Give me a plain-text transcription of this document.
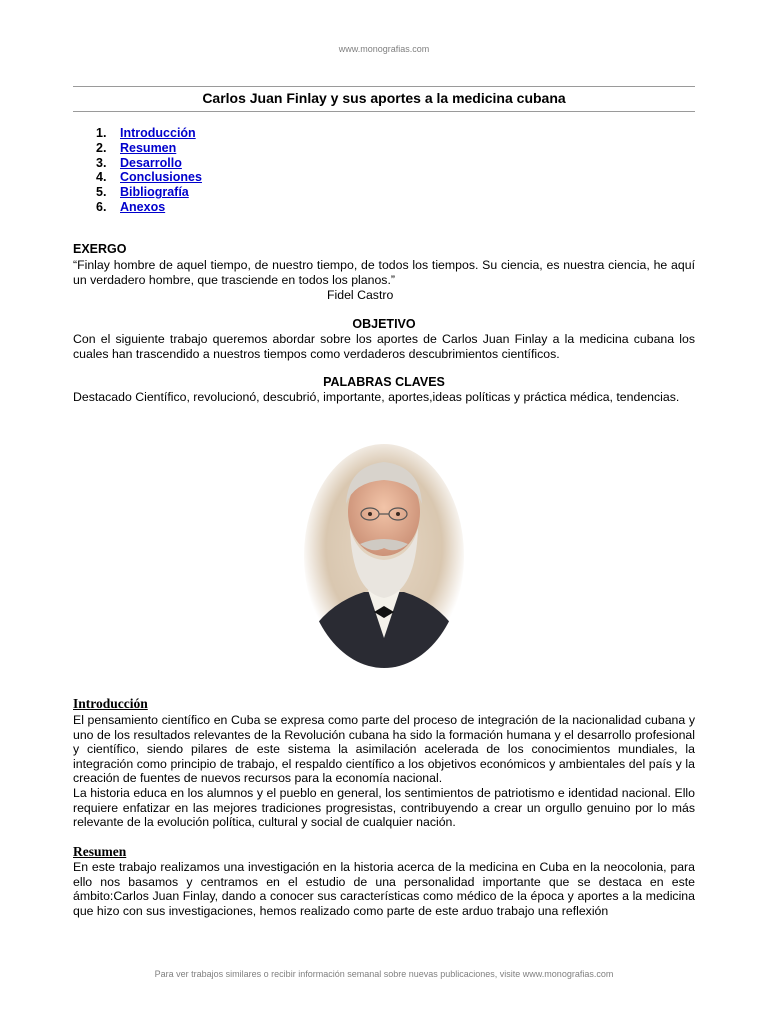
www.monografias.com
Carlos Juan Finlay y sus aportes a la medicina cubana
1.	Introducción
2.	Resumen
3.	Desarrollo
4.	Conclusiones
5.	Bibliografía
6.	Anexos
EXERGO
“Finlay hombre de aquel tiempo, de nuestro tiempo, de todos los tiempos. Su ciencia, es nuestra ciencia, he aquí un verdadero hombre, que trasciende en todos los planos.”
Fidel Castro
OBJETIVO
Con el siguiente trabajo queremos abordar sobre los aportes de Carlos Juan Finlay a la medicina cubana los cuales han trascendido a nuestros tiempos como verdaderos descubrimientos científicos.
PALABRAS CLAVES
Destacado Científico, revolucionó, descubrió, importante, aportes,ideas políticas y práctica médica, tendencias.
Introducción
El pensamiento científico en Cuba se expresa como parte del proceso de integración de la nacionalidad cubana y uno de los resultados relevantes de la Revolución cubana ha sido la formación humana y el desarrollo profesional y científico, siendo pilares de este sistema la asimilación acelerada de los conocimientos mundiales, la integración como principio de trabajo, el respaldo científico a los objetivos económicos y ambientales del país y la creación de fuentes de nuevos recursos para la economía nacional.
La historia educa en los alumnos y el pueblo en general, los sentimientos de patriotismo e identidad nacional. Ello requiere enfatizar en las mejores tradiciones progresistas, contribuyendo a crear un orgullo genuino por lo más relevante de la evolución política, cultural y social de cualquier nación.
Resumen
En este trabajo realizamos una investigación en la historia acerca de la medicina en Cuba en la neocolonia, para ello nos basamos y centramos en el estudio de una personalidad importante que se destaca en este ámbito:Carlos Juan Finlay, dando a conocer sus características como médico de la época y aportes a la medicina que hizo con sus investigaciones, hemos realizado como parte de este arduo trabajo una reflexión
Para ver trabajos similares o recibir información semanal sobre nuevas publicaciones, visite www.monografias.com
